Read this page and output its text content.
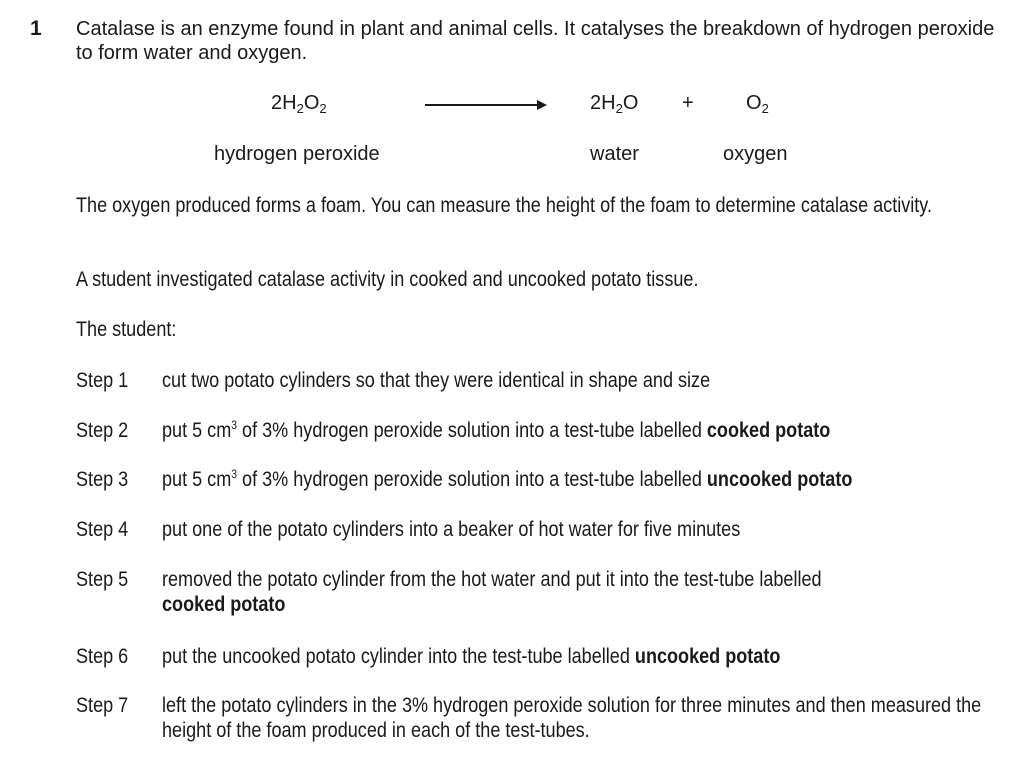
1 Catalase is an enzyme found in plant and animal cells. It catalyses the breakdown of hydrogen peroxide to form water and oxygen.
$2H_2O_2$	$2H_2O$ +	$O_2$
hydrogen peroxide	water	oxygen
The oxygen produced forms a foam. You can measure the height of the foam to determine catalase activity.
A student investigated catalase activity in cooked and uncooked potato tissue.
The student:
Step 1 cut two potato cylinders so that they were identical in shape and size
Step 2 put 5 $cm^3$ of 3% hydrogen peroxide solution into a test-tube labelled cooked potato
Step 3 put 5 $cm^3$ of 3% hydrogen peroxide solution into a test-tube labelled uncooked potato
Step 4 put one of the potato cylinders into a beaker of hot water for five minutes
Step 5 removed the potato cylinder from the hot water and put it into the test-tube labelled
cooked potato
Step 6 put the uncooked potato cylinder into the test-tube labelled uncooked potato
Step 7 left the potato cylinders in the 3% hydrogen peroxide solution for three minutes and then measured the height of the foam produced in each of the test-tubes.
